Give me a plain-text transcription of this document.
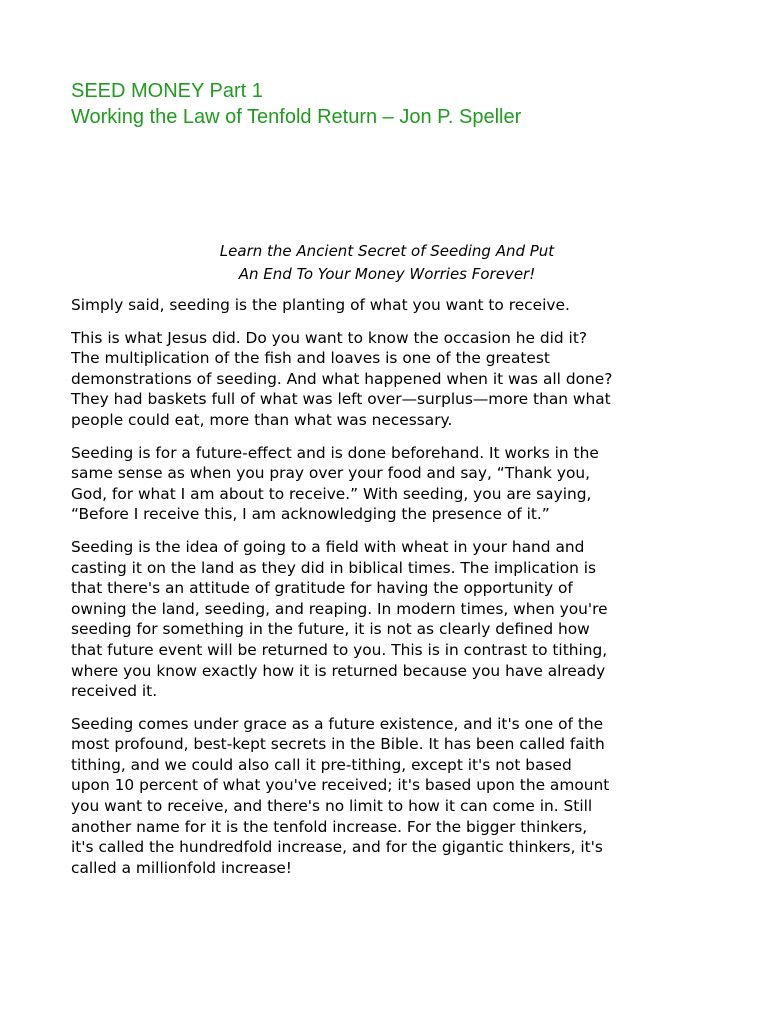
SEED MONEY Part 1
Working the Law of Tenfold Return – Jon P. Speller
Learn the Ancient Secret of Seeding And Put
An End To Your Money Worries Forever!

Simply said, seeding is the planting of what you want to receive.

This is what Jesus did. Do you want to know the occasion he did it?
The multiplication of the fish and loaves is one of the greatest
demonstrations of seeding. And what happened when it was all done?
They had baskets full of what was left over—surplus—more than what
people could eat, more than what was necessary.

Seeding is for a future-effect and is done beforehand. It works in the
same sense as when you pray over your food and say, “Thank you,
God, for what I am about to receive.” With seeding, you are saying,
“Before I receive this, I am acknowledging the presence of it.”

Seeding is the idea of going to a field with wheat in your hand and
casting it on the land as they did in biblical times. The implication is
that there's an attitude of gratitude for having the opportunity of
owning the land, seeding, and reaping. In modern times, when you're
seeding for something in the future, it is not as clearly defined how
that future event will be returned to you. This is in contrast to tithing,
where you know exactly how it is returned because you have already
received it.

Seeding comes under grace as a future existence, and it's one of the
most profound, best-kept secrets in the Bible. It has been called faith
tithing, and we could also call it pre-tithing, except it's not based
upon 10 percent of what you've received; it's based upon the amount
you want to receive, and there's no limit to how it can come in. Still
another name for it is the tenfold increase. For the bigger thinkers,
it's called the hundredfold increase, and for the gigantic thinkers, it's
called a millionfold increase!
